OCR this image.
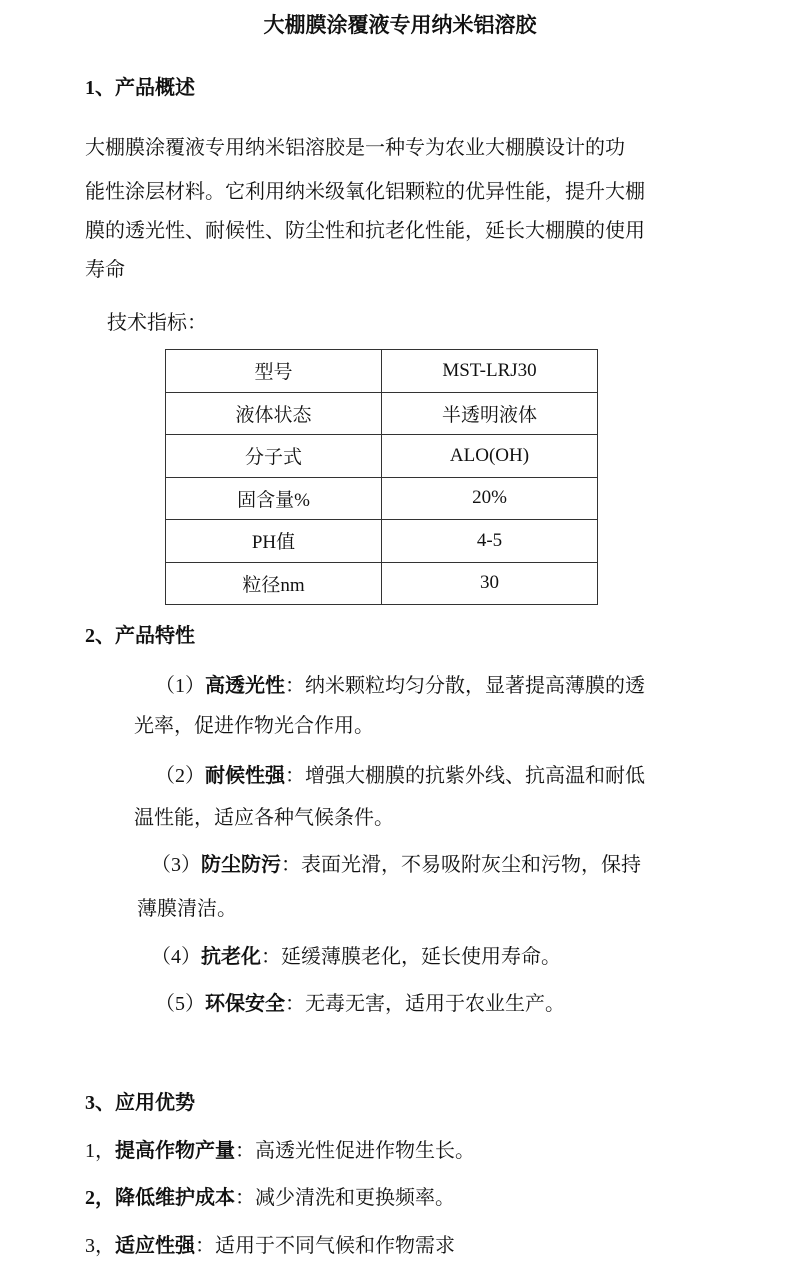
大棚膜涂覆液专用纳米铝溶胶
1、产品概述
大棚膜涂覆液专用纳米铝溶胶是一种专为农业大棚膜设计的功
能性涂层材料。它利用纳米级氧化铝颗粒的优异性能，提升大棚
膜的透光性、耐候性、防尘性和抗老化性能，延长大棚膜的使用
寿命
技术指标：
型号	MST-LRJ30
液体状态	半透明液体
分子式	ALO(OH)
固含量%	20%
PH值	4-5
粒径nm	30
2、产品特性
（1）高透光性：纳米颗粒均匀分散，显著提高薄膜的透
光率，促进作物光合作用。
（2）耐候性强：增强大棚膜的抗紫外线、抗高温和耐低
温性能，适应各种气候条件。
（3）防尘防污：表面光滑，不易吸附灰尘和污物，保持
薄膜清洁。
（4）抗老化：延缓薄膜老化，延长使用寿命。
（5）环保安全：无毒无害，适用于农业生产。
3、应用优势
1，提高作物产量：高透光性促进作物生长。
2，降低维护成本：减少清洗和更换频率。
3，适应性强：适用于不同气候和作物需求
